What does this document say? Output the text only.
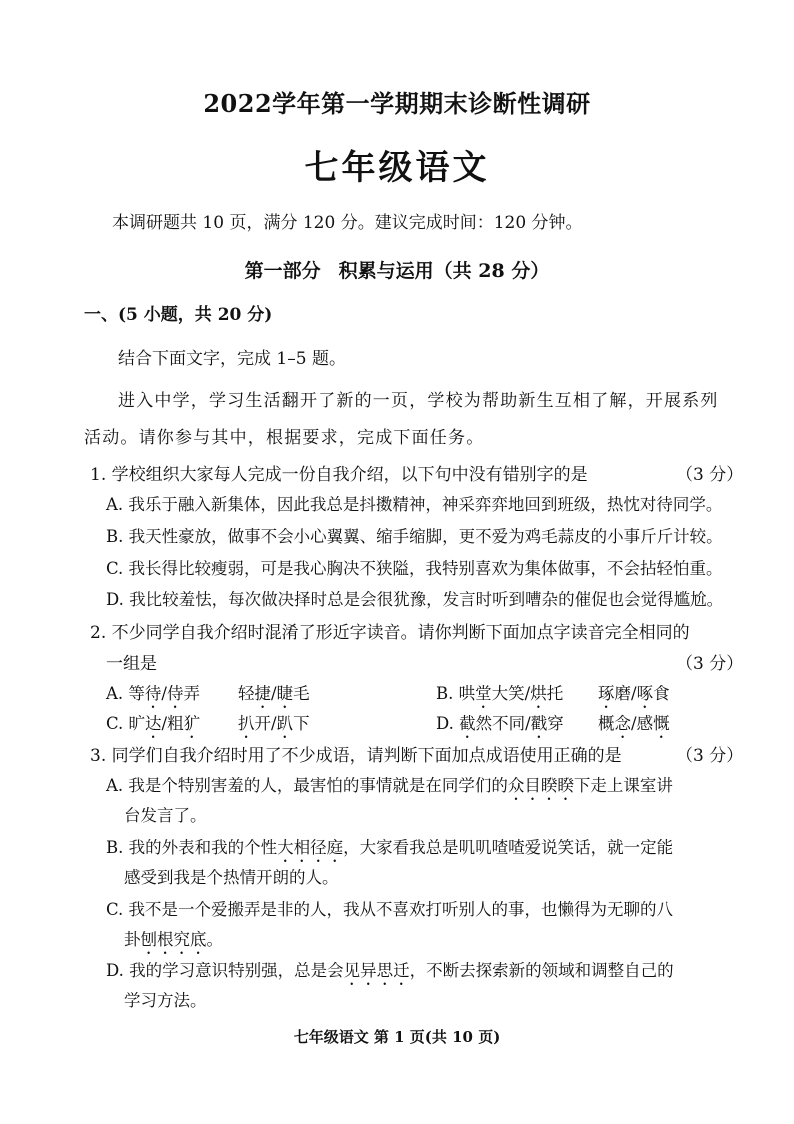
2022学年第一学期期末诊断性调研
七年级语文
本调研题共 10 页，满分 120 分。建议完成时间：120 分钟。
第一部分 积累与运用（共 28 分）
一、(5 小题，共 20 分)
结合下面文字，完成 1–5 题。
进入中学，学习生活翻开了新的一页，学校为帮助新生互相了解，开展系列
活动。请你参与其中，根据要求，完成下面任务。
1. 学校组织大家每人完成一份自我介绍，以下句中没有错别字的是	（3 分）
A. 我乐于融入新集体，因此我总是抖擞精神，神采弈弈地回到班级，热忱对待同学。
B. 我天性豪放，做事不会小心翼翼、缩手缩脚，更不爱为鸡毛蒜皮的小事斤斤计较。
C. 我长得比较瘦弱，可是我心胸决不狭隘，我特别喜欢为集体做事，不会拈轻怕重。
D. 我比较羞怯，每次做决择时总是会很犹豫，发言时听到嘈杂的催促也会觉得尴尬。
2. 不少同学自我介绍时混淆了形近字读音。请你判断下面加点字读音完全相同的
一组是	（3 分）
A. 等待/侍弄 轻捷/睫毛	B. 哄堂大笑/烘托 琢磨/啄食
C. 旷达/粗犷 扒开/趴下	D. 截然不同/戳穿 概念/感慨
3. 同学们自我介绍时用了不少成语，请判断下面加点成语使用正确的是	（3 分）
A. 我是个特别害羞的人，最害怕的事情就是在同学们的众目睽睽下走上课室讲
台发言了。
B. 我的外表和我的个性大相径庭，大家看我总是叽叽喳喳爱说笑话，就一定能
感受到我是个热情开朗的人。
C. 我不是一个爱搬弄是非的人，我从不喜欢打听别人的事，也懒得为无聊的八
卦刨根究底。
D. 我的学习意识特别强，总是会见异思迁，不断去探索新的领域和调整自己的
学习方法。
七年级语文 第 1 页(共 10 页)
